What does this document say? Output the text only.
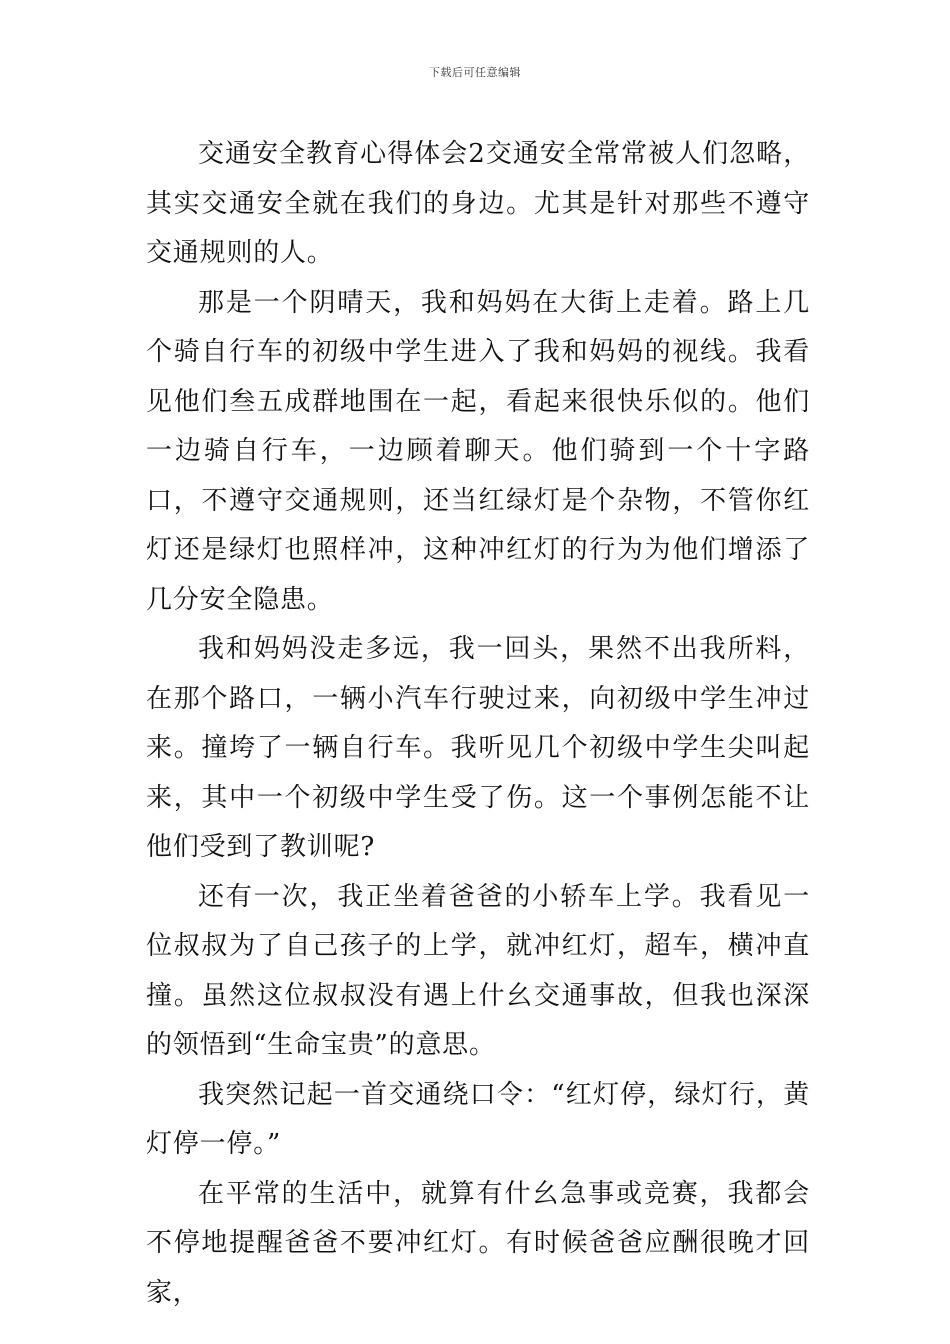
下载后可任意编辑

交通安全教育心得体会2交通安全常常被人们忽略，其实交通安全就在我们的身边。尤其是针对那些不遵守交通规则的人。

那是一个阴晴天，我和妈妈在大街上走着。路上几个骑自行车的初级中学生进入了我和妈妈的视线。我看见他们叁五成群地围在一起，看起来很快乐似的。他们一边骑自行车，一边顾着聊天。他们骑到一个十字路口，不遵守交通规则，还当红绿灯是个杂物，不管你红灯还是绿灯也照样冲，这种冲红灯的行为为他们增添了几分安全隐患。

我和妈妈没走多远，我一回头，果然不出我所料，在那个路口，一辆小汽车行驶过来，向初级中学生冲过来。撞垮了一辆自行车。我听见几个初级中学生尖叫起来，其中一个初级中学生受了伤。这一个事例怎能不让他们受到了教训呢?

还有一次，我正坐着爸爸的小轿车上学。我看见一位叔叔为了自己孩子的上学，就冲红灯，超车，横冲直撞。虽然这位叔叔没有遇上什幺交通事故，但我也深深的领悟到“生命宝贵”的意思。

我突然记起一首交通绕口令：“红灯停，绿灯行，黄灯停一停。”

在平常的生活中，就算有什幺急事或竞赛，我都会不停地提醒爸爸不要冲红灯。有时候爸爸应酬很晚才回家，
